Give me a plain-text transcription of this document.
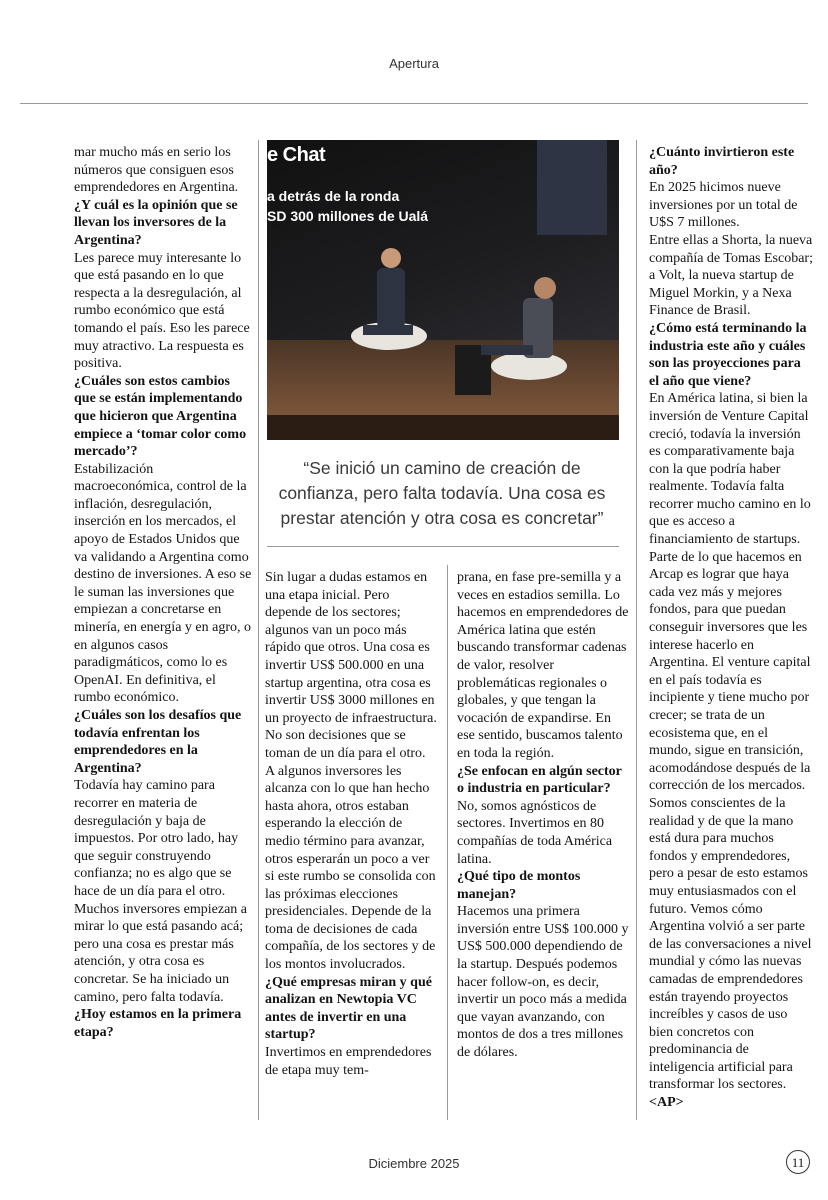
Apertura

mar mucho más en serio los números que consiguen esos emprendedores en Argentina.

¿Y cuál es la opinión que se llevan los inversores de la Argentina?

Les parece muy interesante lo que está pasando en lo que respecta a la desregulación, al rumbo económico que está tomando el país. Eso les parece muy atractivo. La respuesta es positiva.

¿Cuáles son estos cambios que se están implementando que hicieron que Argentina empiece a ‘tomar color como mercado’?

Estabilización macroeconómica, control de la inflación, desregulación, inserción en los mercados, el apoyo de Estados Unidos que va validando a Argentina como destino de inversiones. A eso se le suman las inversiones que empiezan a concretarse en minería, en energía y en agro, o en algunos casos paradigmáticos, como lo es OpenAI. En definitiva, el rumbo económico.

¿Cuáles son los desafíos que todavía enfrentan los emprendedores en la Argentina?

Todavía hay camino para recorrer en materia de desregulación y baja de impuestos. Por otro lado, hay que seguir construyendo confianza; no es algo que se hace de un día para el otro. Muchos inversores empiezan a mirar lo que está pasando acá; pero una cosa es prestar más atención, y otra cosa es concretar. Se ha iniciado un camino, pero falta todavía.

¿Hoy estamos en la primera etapa?

e Chat
a detrás de la ronda
SD 300 millones de Ualá
“Se inició un camino de creación de confianza, pero falta todavía. Una cosa es prestar atención y otra cosa es concretar”

Sin lugar a dudas estamos en una etapa inicial. Pero depende de los sectores; algunos van un poco más rápido que otros. Una cosa es invertir US$ 500.000 en una startup argentina, otra cosa es invertir US$ 3000 millones en un proyecto de infraestructura. No son decisiones que se toman de un día para el otro. A algunos inversores les alcanza con lo que han hecho hasta ahora, otros estaban esperando la elección de medio término para avanzar, otros esperarán un poco a ver si este rumbo se consolida con las próximas elecciones presidenciales. Depende de la toma de decisiones de cada compañía, de los sectores y de los montos involucrados.

¿Qué empresas miran y qué analizan en Newtopia VC antes de invertir en una startup?

Invertimos en emprendedores de etapa muy tem-

prana, en fase pre-semilla y a veces en estadios semilla. Lo hacemos en emprendedores de América latina que estén buscando transformar cadenas de valor, resolver problemáticas regionales o globales, y que tengan la vocación de expandirse. En ese sentido, buscamos talento en toda la región.

¿Se enfocan en algún sector o industria en particular?

No, somos agnósticos de sectores. Invertimos en 80 compañías de toda América latina.

¿Qué tipo de montos manejan?

Hacemos una primera inversión entre US$ 100.000 y US$ 500.000 dependiendo de la startup. Después podemos hacer follow-on, es decir, invertir un poco más a medida que vayan avanzando, con montos de dos a tres millones de dólares.

¿Cuánto invirtieron este año?

En 2025 hicimos nueve inversiones por un total de U$S 7 millones.

Entre ellas a Shorta, la nueva compañía de Tomas Escobar; a Volt, la nueva startup de Miguel Morkin, y a Nexa Finance de Brasil.

¿Cómo está terminando la industria este año y cuáles son las proyecciones para el año que viene?

En América latina, si bien la inversión de Venture Capital creció, todavía la inversión es comparativamente baja con la que podría haber realmente. Todavía falta recorrer mucho camino en lo que es acceso a financiamiento de startups. Parte de lo que hacemos en Arcap es lograr que haya cada vez más y mejores fondos, para que puedan conseguir inversores que les interese hacerlo en Argentina. El venture capital en el país todavía es incipiente y tiene mucho por crecer; se trata de un ecosistema que, en el mundo, sigue en transición, acomodándose después de la corrección de los mercados. Somos conscientes de la realidad y de que la mano está dura para muchos fondos y emprendedores, pero a pesar de esto estamos muy entusiasmados con el futuro. Vemos cómo Argentina volvió a ser parte de las conversaciones a nivel mundial y cómo las nuevas camadas de emprendedores están trayendo proyectos increíbles y casos de uso bien concretos con predominancia de inteligencia artificial para transformar los sectores.

<AP>

Diciembre 2025	11
